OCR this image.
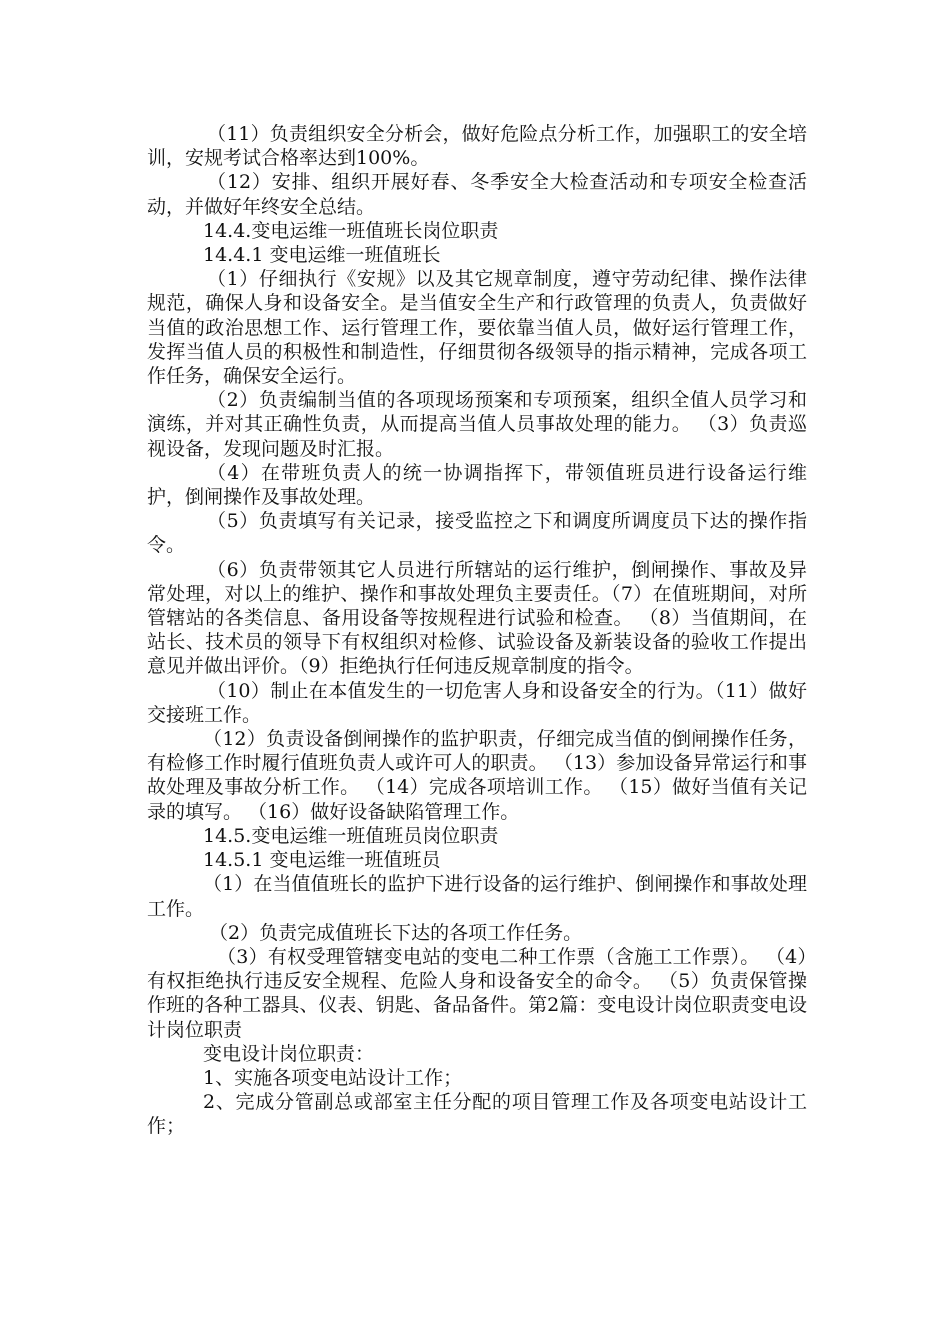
（11）负责组织安全分析会，做好危险点分析工作，加强职工的安全培训，安规考试合格率达到100%。

（12）安排、组织开展好春、冬季安全大检查活动和专项安全检查活动，并做好年终安全总结。

14.4.变电运维一班值班长岗位职责

14.4.1 变电运维一班值班长

（1）仔细执行《安规》以及其它规章制度，遵守劳动纪律、操作法律规范，确保人身和设备安全。是当值安全生产和行政管理的负责人，负责做好当值的政治思想工作、运行管理工作，要依靠当值人员，做好运行管理工作，发挥当值人员的积极性和制造性，仔细贯彻各级领导的指示精神，完成各项工作任务，确保安全运行。

（2）负责编制当值的各项现场预案和专项预案，组织全值人员学习和演练，并对其正确性负责，从而提高当值人员事故处理的能力。 （3）负责巡视设备，发现问题及时汇报。

（4）在带班负责人的统一协调指挥下，带领值班员进行设备运行维护，倒闸操作及事故处理。

（5）负责填写有关记录，接受监控之下和调度所调度员下达的操作指令。

（6）负责带领其它人员进行所辖站的运行维护，倒闸操作、事故及异常处理，对以上的维护、操作和事故处理负主要责任。（7）在值班期间，对所管辖站的各类信息、备用设备等按规程进行试验和检查。 （8）当值期间，在站长、技术员的领导下有权组织对检修、试验设备及新装设备的验收工作提出意见并做出评价。（9）拒绝执行任何违反规章制度的指令。

（10）制止在本值发生的一切危害人身和设备安全的行为。（11）做好交接班工作。

（12）负责设备倒闸操作的监护职责，仔细完成当值的倒闸操作任务，有检修工作时履行值班负责人或许可人的职责。 （13）参加设备异常运行和事故处理及事故分析工作。 （14）完成各项培训工作。 （15）做好当值有关记录的填写。 （16）做好设备缺陷管理工作。

14.5.变电运维一班值班员岗位职责

14.5.1 变电运维一班值班员

（1）在当值值班长的监护下进行设备的运行维护、倒闸操作和事故处理工作。

（2）负责完成值班长下达的各项工作任务。

（3）有权受理管辖变电站的变电二种工作票（含施工工作票）。 （4）有权拒绝执行违反安全规程、危险人身和设备安全的命令。 （5）负责保管操作班的各种工器具、仪表、钥匙、备品备件。第2篇：变电设计岗位职责变电设计岗位职责

变电设计岗位职责：

1、实施各项变电站设计工作；

2、完成分管副总或部室主任分配的项目管理工作及各项变电站设计工作；
